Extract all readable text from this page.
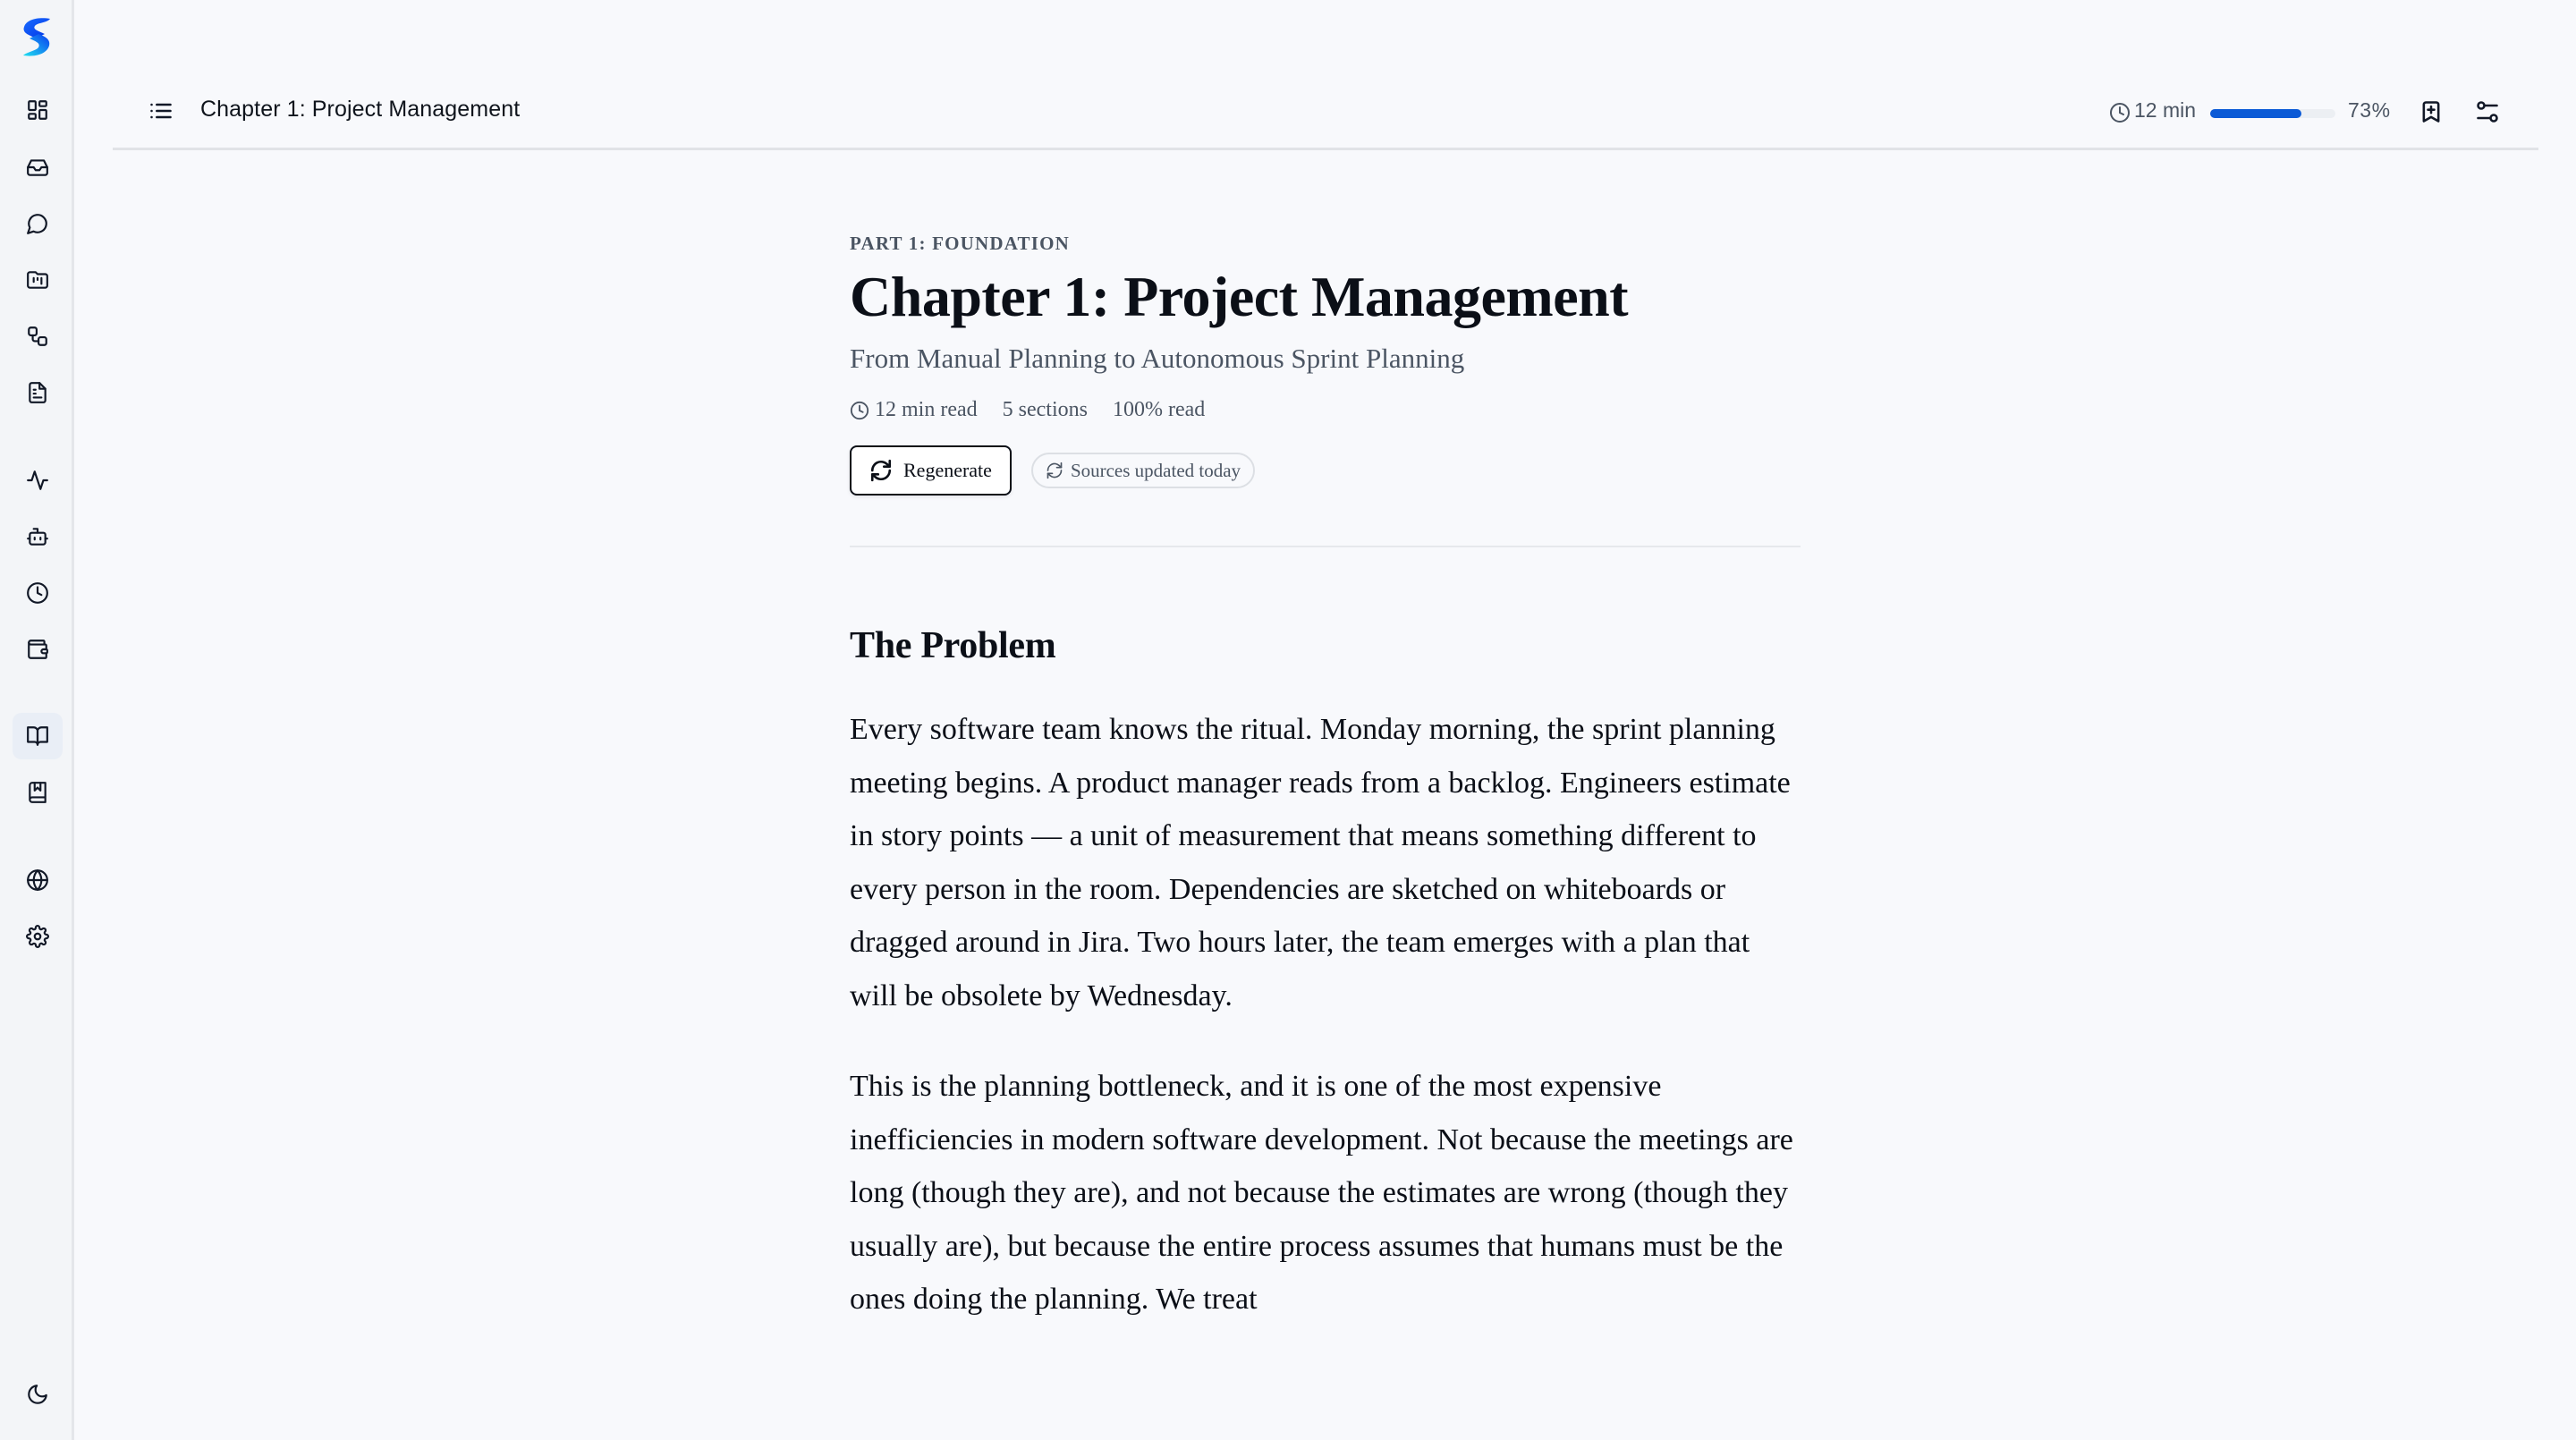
Chapter 1: Project Management	12 min	73%
PART 1: FOUNDATION
Chapter 1: Project Management
From Manual Planning to Autonomous Sprint Planning
12 min read 5 sections 100% read
Regenerate	Sources updated today
The Problem

Every software team knows the ritual. Monday morning, the sprint planning meeting begins. A product manager reads from a backlog. Engineers estimate in story points — a unit of measurement that means something different to every person in the room. Dependencies are sketched on whiteboards or dragged around in Jira. Two hours later, the team emerges with a plan that will be obsolete by Wednesday.

This is the planning bottleneck, and it is one of the most expensive inefficiencies in modern software development. Not because the meetings are long (though they are), and not because the estimates are wrong (though they usually are), but because the entire process assumes that humans must be the ones doing the planning. We treat
